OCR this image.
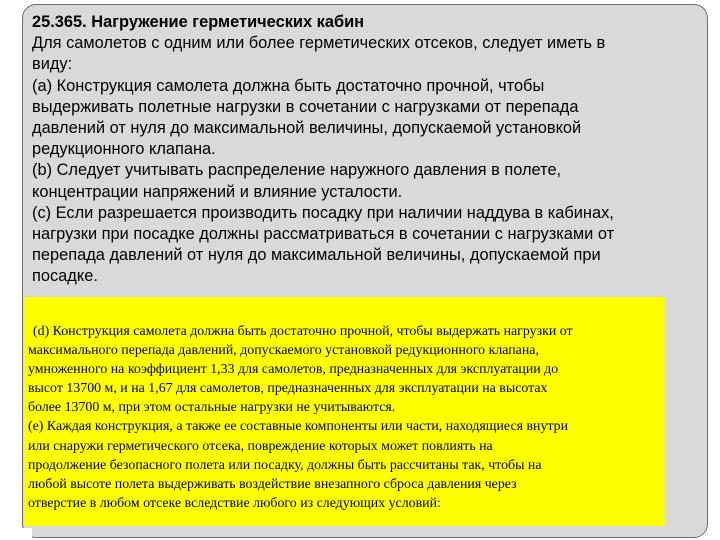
25.365. Нагружение герметических кабин

Для самолетов с одним или более герметических отсеков, следует иметь в

виду:

(а) Конструкция самолета должна быть достаточно прочной, чтобы

выдерживать полетные нагрузки в сочетании с нагрузками от перепада

давлений от нуля до максимальной величины, допускаемой установкой

редукционного клапана.

(b) Следует учитывать распределение наружного давления в полете,

концентрации напряжений и влияние усталости.

(с) Если разрешается производить посадку при наличии наддува в кабинах,

нагрузки при посадке должны рассматриваться в сочетании с нагрузками от

перепада давлений от нуля до максимальной величины, допускаемой при

посадке.

(d) Конструкция самолета должна быть достаточно прочной, чтобы выдержать нагрузки от

максимального перепада давлений, допускаемого установкой редукционного клапана,

умноженного на коэффициент 1,33 для самолетов, предназначенных для эксплуатации до

высот 13700 м, и на 1,67 для самолетов, предназначенных для эксплуатации на высотах

более 13700 м, при этом остальные нагрузки не учитываются.

(е) Каждая конструкция, а также ее составные компоненты или части, находящиеся внутри

или снаружи герметического отсека, повреждение которых может повлиять на

продолжение безопасного полета или посадку, должны быть рассчитаны так, чтобы на

любой высоте полета выдерживать воздействие внезапного сброса давления через

отверстие в любом отсеке вследствие любого из следующих условий:
